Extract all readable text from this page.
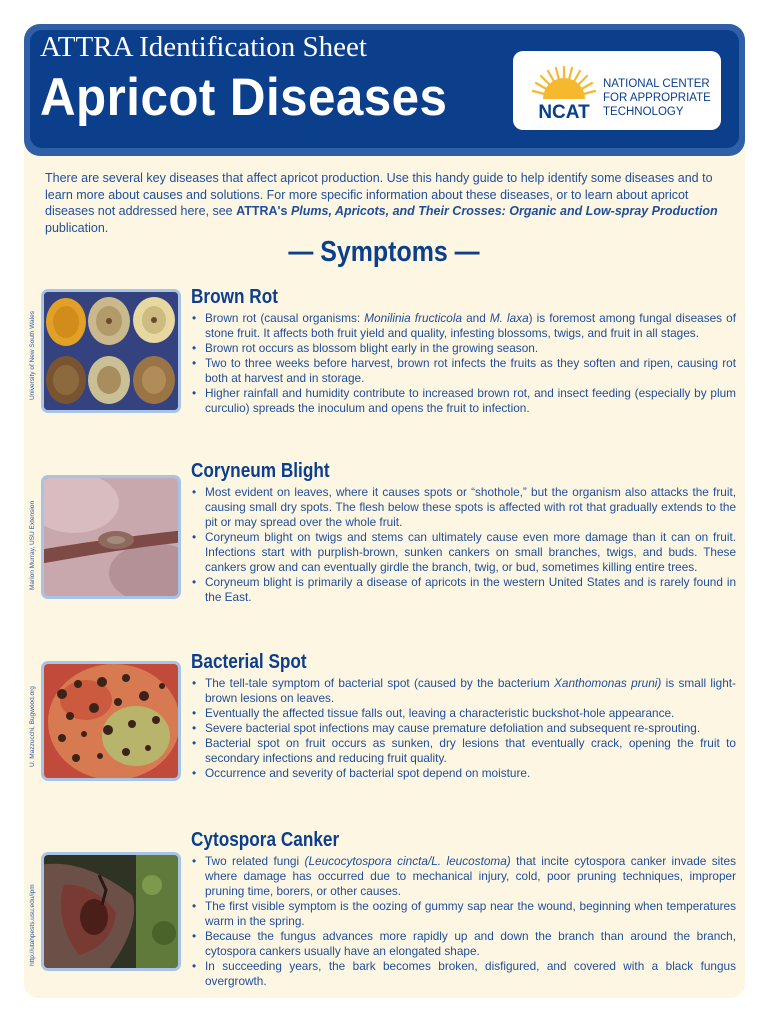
ATTRA Identification Sheet
Apricot Diseases	NCAT
NATIONAL CENTER
FOR APPROPRIATE
TECHNOLOGY
There are several key diseases that affect apricot production. Use this handy guide to help identify some diseases and to learn more about causes and solutions. For more specific information about these diseases, or to learn about apricot diseases not addressed here, see ATTRA's Plums, Apricots, and Their Crosses: Organic and Low-spray Production publication.
— Symptoms —
University of New South Wales
Marion Murray, USU Extension
U. Mazzucchi, Bugwood.org
http://utahpests.usu.edu/ipm
Brown Rot
• Brown rot (causal organisms: Monilinia fructicola and M. laxa) is foremost among fungal diseases of stone fruit. It affects both fruit yield and quality, infesting blossoms, twigs, and fruit in all stages.
• Brown rot occurs as blossom blight early in the growing season.
• Two to three weeks before harvest, brown rot infects the fruits as they soften and ripen, causing rot both at harvest and in storage.
• Higher rainfall and humidity contribute to increased brown rot, and insect feeding (especially by plum curculio) spreads the inoculum and opens the fruit to infection.
Coryneum Blight
• Most evident on leaves, where it causes spots or “shothole,” but the organism also attacks the fruit, causing small dry spots. The flesh below these spots is affected with rot that gradually extends to the pit or may spread over the whole fruit.
• Coryneum blight on twigs and stems can ultimately cause even more damage than it can on fruit. Infections start with purplish-brown, sunken cankers on small branches, twigs, and buds. These cankers grow and can eventually girdle the branch, twig, or bud, sometimes killing entire trees.
• Coryneum blight is primarily a disease of apricots in the western United States and is rarely found in the East.
Bacterial Spot
• The tell-tale symptom of bacterial spot (caused by the bacterium Xanthomonas pruni) is small light-brown lesions on leaves.
• Eventually the affected tissue falls out, leaving a characteristic buckshot-hole appearance.
• Severe bacterial spot infections may cause premature defoliation and subsequent re-sprouting.
• Bacterial spot on fruit occurs as sunken, dry lesions that eventually crack, opening the fruit to secondary infections and reducing fruit quality.
• Occurrence and severity of bacterial spot depend on moisture.
Cytospora Canker
• Two related fungi (Leucocytospora cincta/L. leucostoma) that incite cytospora canker invade sites where damage has occurred due to mechanical injury, cold, poor pruning techniques, improper pruning time, borers, or other causes.
• The first visible symptom is the oozing of gummy sap near the wound, beginning when temperatures warm in the spring.
• Because the fungus advances more rapidly up and down the branch than around the branch, cytospora cankers usually have an elongated shape.
• In succeeding years, the bark becomes broken, disfigured, and covered with a black fungus overgrowth.
